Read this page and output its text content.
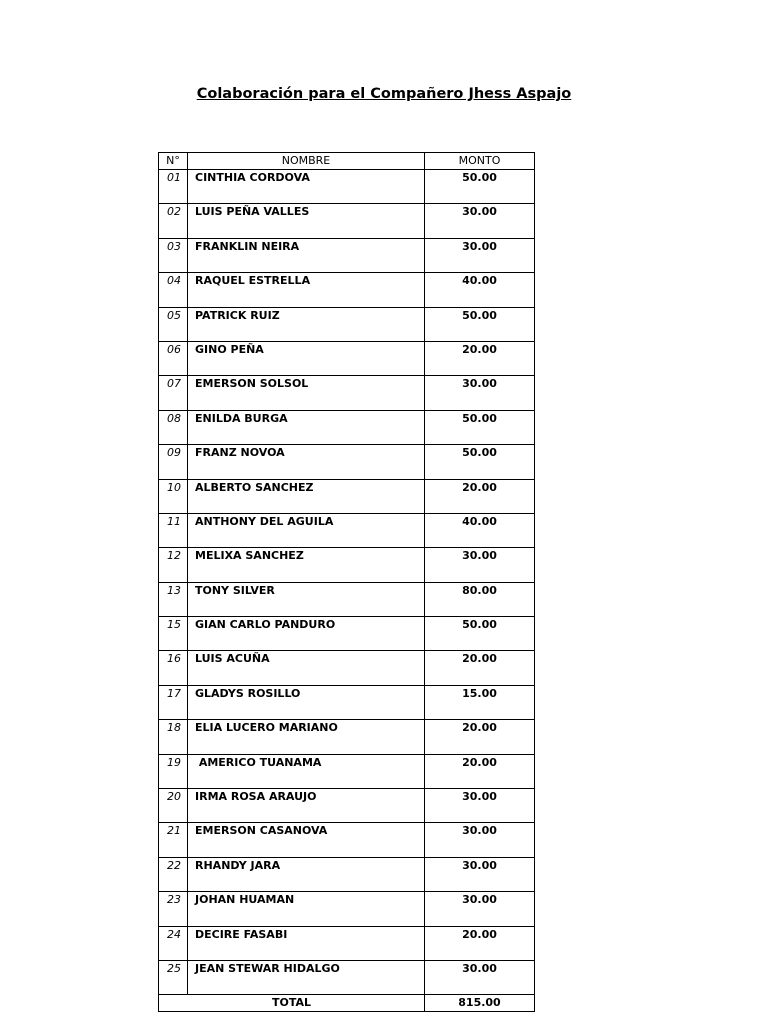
Colaboración para el Compañero Jhess Aspajo
N°	NOMBRE	MONTO

01	CINTHIA CORDOVA	50.00

02	LUIS PEÑA VALLES	30.00

03	FRANKLIN NEIRA	30.00

04	RAQUEL ESTRELLA	40.00

05	PATRICK RUIZ	50.00

06	GINO PEÑA	20.00

07	EMERSON SOLSOL	30.00

08	ENILDA BURGA	50.00

09	FRANZ NOVOA	50.00

10	ALBERTO SANCHEZ	20.00

11	ANTHONY DEL AGUILA	40.00

12	MELIXA SANCHEZ	30.00

13	TONY SILVER	80.00

15	GIAN CARLO PANDURO	50.00

16	LUIS ACUÑA	20.00

17	GLADYS ROSILLO	15.00

18	ELIA LUCERO MARIANO	20.00

19	AMERICO TUANAMA	20.00

20	IRMA ROSA ARAUJO	30.00

21	EMERSON CASANOVA	30.00

22	RHANDY JARA	30.00

23	JOHAN HUAMAN	30.00

24	DECIRE FASABI	20.00

25	JEAN STEWAR HIDALGO	30.00
TOTAL		815.00
